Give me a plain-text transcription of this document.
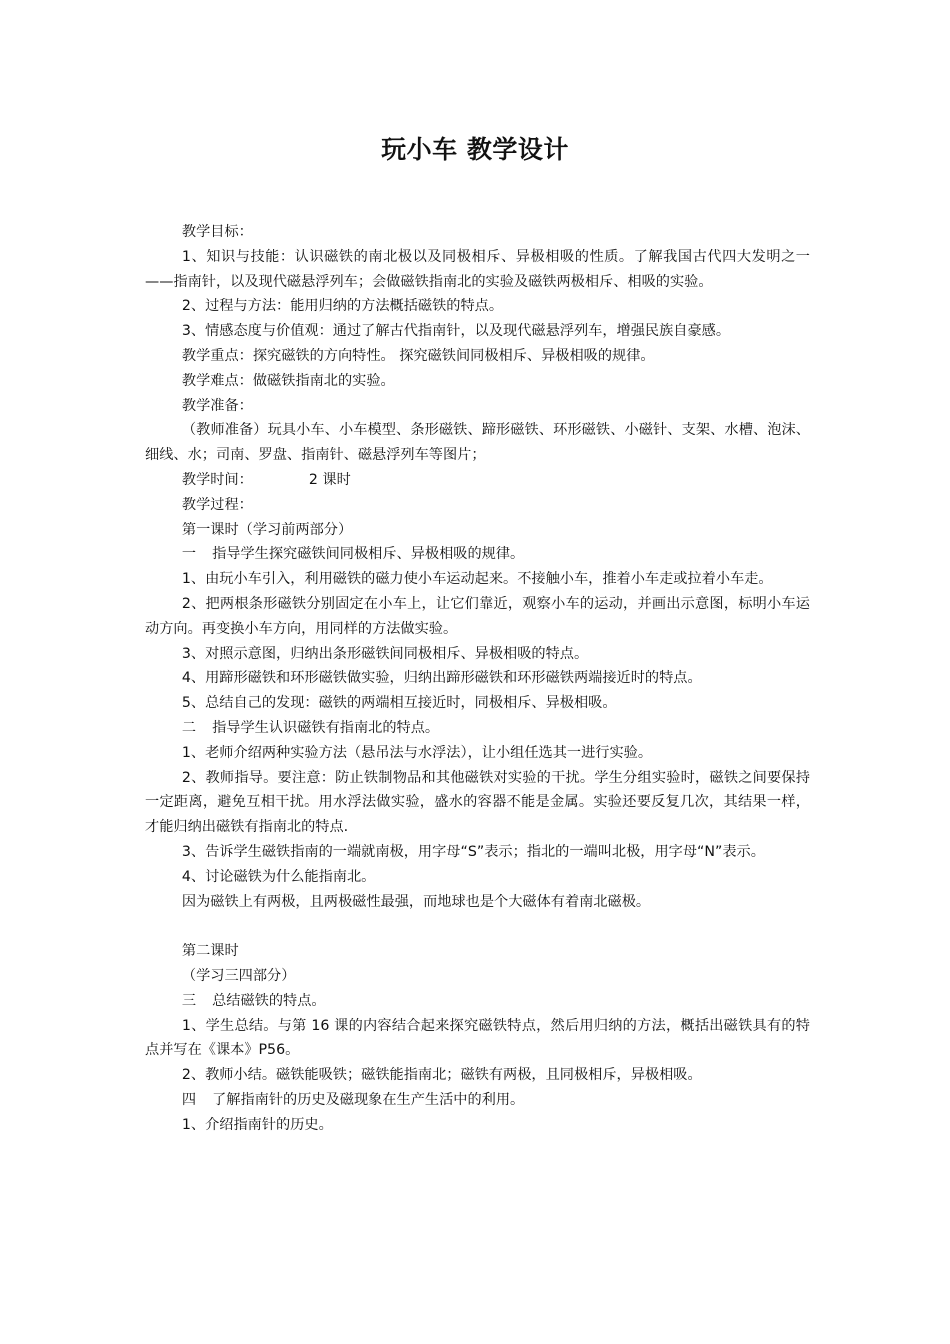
玩小车 教学设计

教学目标：

1、知识与技能：认识磁铁的南北极以及同极相斥、异极相吸的性质。了解我国古代四大发明之一——指南针，以及现代磁悬浮列车；会做磁铁指南北的实验及磁铁两极相斥、相吸的实验。

2、过程与方法：能用归纳的方法概括磁铁的特点。

3、情感态度与价值观：通过了解古代指南针，以及现代磁悬浮列车，增强民族自豪感。

教学重点：探究磁铁的方向特性。 探究磁铁间同极相斥、异极相吸的规律。

教学难点：做磁铁指南北的实验。

教学准备：

（教师准备）玩具小车、小车模型、条形磁铁、蹄形磁铁、环形磁铁、小磁针、支架、水槽、泡沫、细线、水；司南、罗盘、指南针、磁悬浮列车等图片；

教学时间：	2 课时

教学过程：

第一课时（学习前两部分）

一 指导学生探究磁铁间同极相斥、异极相吸的规律。

1、由玩小车引入，利用磁铁的磁力使小车运动起来。不接触小车，推着小车走或拉着小车走。

2、把两根条形磁铁分别固定在小车上，让它们靠近，观察小车的运动，并画出示意图，标明小车运动方向。再变换小车方向，用同样的方法做实验。

3、对照示意图，归纳出条形磁铁间同极相斥、异极相吸的特点。

4、用蹄形磁铁和环形磁铁做实验，归纳出蹄形磁铁和环形磁铁两端接近时的特点。

5、总结自己的发现：磁铁的两端相互接近时，同极相斥、异极相吸。

二 指导学生认识磁铁有指南北的特点。

1、老师介绍两种实验方法（悬吊法与水浮法），让小组任选其一进行实验。

2、教师指导。要注意：防止铁制物品和其他磁铁对实验的干扰。学生分组实验时，磁铁之间要保持一定距离，避免互相干扰。用水浮法做实验，盛水的容器不能是金属。实验还要反复几次，其结果一样，才能归纳出磁铁有指南北的特点.

3、告诉学生磁铁指南的一端就南极，用字母“S”表示；指北的一端叫北极，用字母“N”表示。

4、讨论磁铁为什么能指南北。

因为磁铁上有两极，且两极磁性最强，而地球也是个大磁体有着南北磁极。

第二课时

（学习三四部分）

三 总结磁铁的特点。

1、学生总结。与第 16 课的内容结合起来探究磁铁特点，然后用归纳的方法，概括出磁铁具有的特点并写在《课本》P56。

2、教师小结。磁铁能吸铁；磁铁能指南北；磁铁有两极，且同极相斥，异极相吸。

四 了解指南针的历史及磁现象在生产生活中的利用。

1、介绍指南针的历史。
